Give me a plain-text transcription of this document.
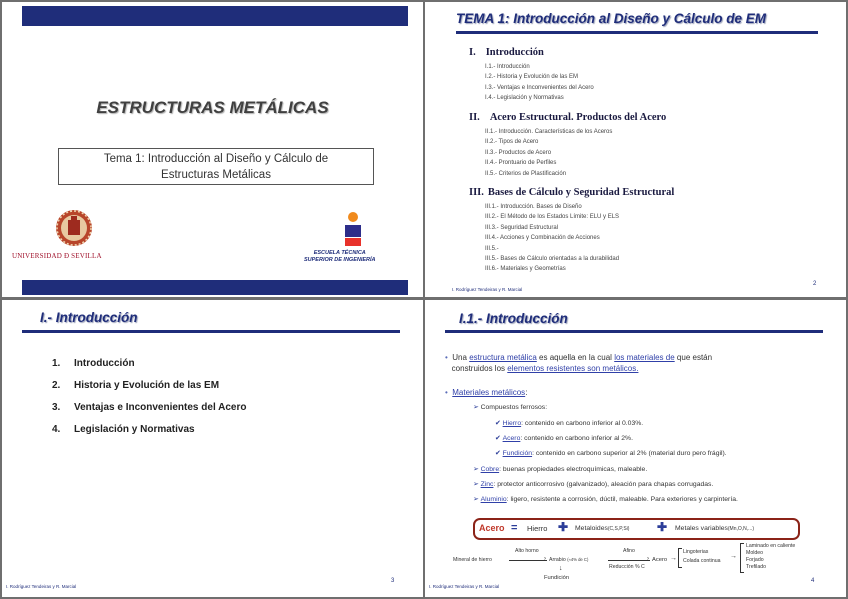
ESTRUCTURAS METÁLICAS
Tema 1: Introducción al Diseño y Cálculo de
Estructuras Metálicas
UNIVERSIDAD Ð SEVILLA	ESCUELA TÉCNICA
SUPERIOR DE INGENIERÍA
TEMA 1: Introducción al Diseño y Cálculo de EM
I. Introducción
I.1.- Introducción
I.2.- Historia y Evolución de las EM
I.3.- Ventajas e Inconvenientes del Acero
I.4.- Legislación y Normativas
II. Acero Estructural. Productos del Acero
II.1.- Introducción. Características de los Aceros
II.2.- Tipos de Acero
II.3.- Productos de Acero
II.4.- Prontuario de Perfiles
II.5.- Criterios de Plastificación
III. Bases de Cálculo y Seguridad Estructural
III.1.- Introducción. Bases de Diseño
III.2.- El Método de los Estados Límite: ELU y ELS
III.3.- Seguridad Estructural
III.4.- Acciones y Combinación de Acciones
III.5.-
III.5.- Bases de Cálculo orientadas a la durabilidad
III.6.- Materiales y Geometrías
I. Rodríguez Tendeiras y R. Marcial
2
I.- Introducción
1. Introducción
2. Historia y Evolución de las EM
3. Ventajas e Inconvenientes del Acero
4. Legislación y Normativas
I. Rodríguez Tendeiras y R. Marcial
3
I.1.- Introducción
• Una estructura metálica es aquella en la cual los materiales de que están
construidos los elementos resistentes son metálicos.
• Materiales metálicos:
➢ Compuestos ferrosos:
✔ Hierro: contenido en carbono inferior al 0.03%.
✔ Acero: contenido en carbono inferior al 2%.
✔ Fundición: contenido en carbono superior al 2% (material duro pero frágil).
➢ Cobre: buenas propiedades electroquímicas, maleable.
➢ Zinc: protector anticorrosivo (galvanizado), aleación para chapas corrugadas.
➢ Aluminio: ligero, resistente a corrosión, dúctil, maleable. Para exteriores y carpintería.
Acero = Hierro ✚ Metaloides(C,S,P,Si) ✚ Metales variables(Mn,O,N,...)
Mineral de hierro
Alto horno
› Arrabio (≈4% de C)
↓
Fundición
Afino
›
Reducción % C
Acero →
Lingoterias
Colada continua
→
Laminado en caliente
Moldeo
Forjado
Trefilado
I. Rodríguez Tendeiras y R. Marcial
4
